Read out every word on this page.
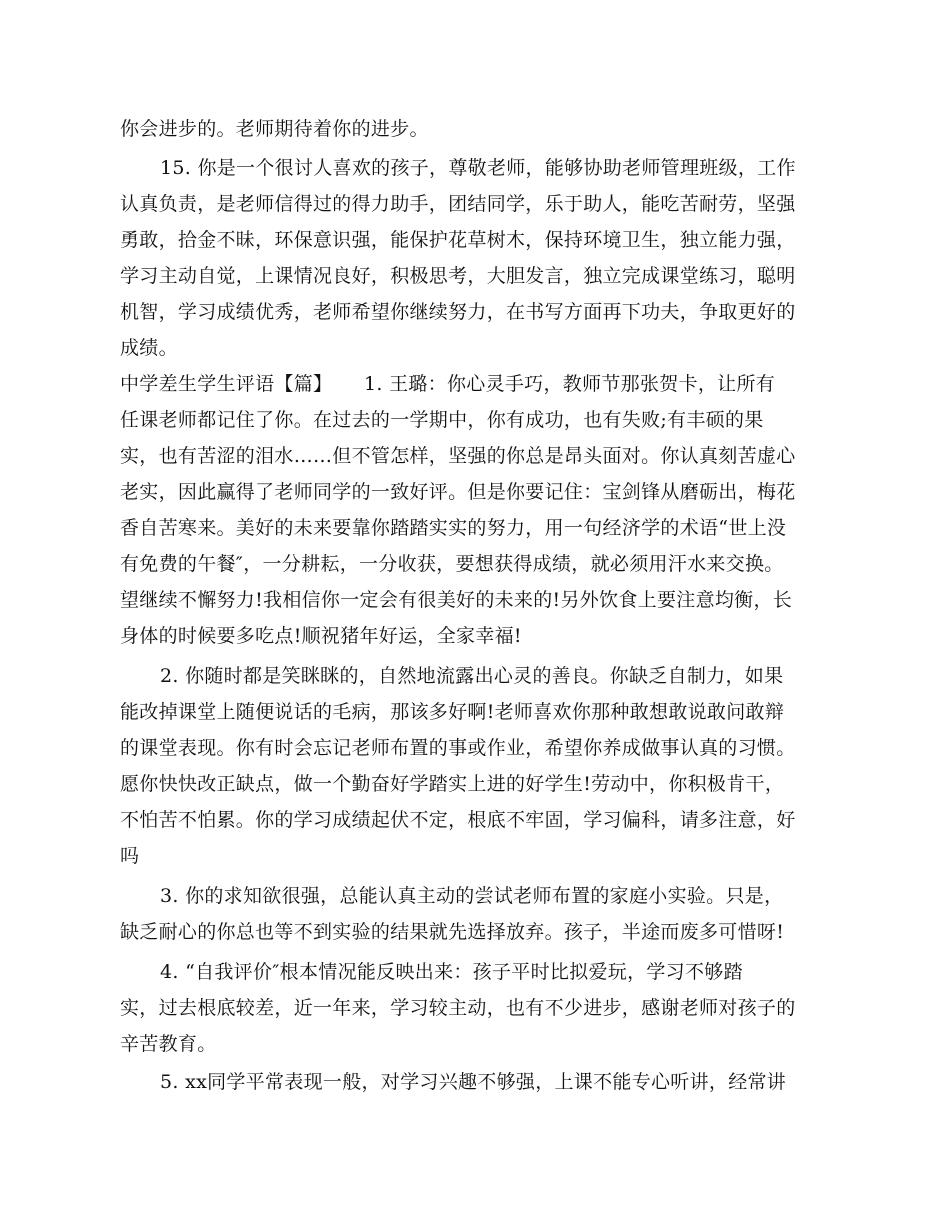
你会进步的。老师期待着你的进步。
15. 你是一个很讨人喜欢的孩子，尊敬老师，能够协助老师管理班级，工作
认真负责，是老师信得过的得力助手，团结同学，乐于助人，能吃苦耐劳，坚强
勇敢，拾金不昧，环保意识强，能保护花草树木，保持环境卫生，独立能力强，
学习主动自觉，上课情况良好，积极思考，大胆发言，独立完成课堂练习，聪明
机智，学习成绩优秀，老师希望你继续努力，在书写方面再下功夫，争取更好的
成绩。
中学差生学生评语【篇】     1. 王璐：你心灵手巧，教师节那张贺卡，让所有
任课老师都记住了你。在过去的一学期中，你有成功，也有失败;有丰硕的果
实，也有苦涩的泪水……但不管怎样，坚强的你总是昂头面对。你认真刻苦虚心
老实，因此赢得了老师同学的一致好评。但是你要记住：宝剑锋从磨砺出，梅花
香自苦寒来。美好的未来要靠你踏踏实实的努力，用一句经济学的术语“世上没
有免费的午餐″，一分耕耘，一分收获，要想获得成绩，就必须用汗水来交换。
望继续不懈努力!我相信你一定会有很美好的未来的!另外饮食上要注意均衡，长
身体的时候要多吃点!顺祝猪年好运，全家幸福!
2. 你随时都是笑眯眯的，自然地流露出心灵的善良。你缺乏自制力，如果
能改掉课堂上随便说话的毛病，那该多好啊!老师喜欢你那种敢想敢说敢问敢辩
的课堂表现。你有时会忘记老师布置的事或作业，希望你养成做事认真的习惯。
愿你快快改正缺点，做一个勤奋好学踏实上进的好学生!劳动中，你积极肯干，
不怕苦不怕累。你的学习成绩起伏不定，根底不牢固，学习偏科，请多注意，好
吗
3. 你的求知欲很强，总能认真主动的尝试老师布置的家庭小实验。只是，
缺乏耐心的你总也等不到实验的结果就先选择放弃。孩子，半途而废多可惜呀!
4. “自我评价″根本情况能反映出来：孩子平时比拟爱玩，学习不够踏
实，过去根底较差，近一年来，学习较主动，也有不少进步，感谢老师对孩子的
辛苦教育。
5. xx同学平常表现一般，对学习兴趣不够强，上课不能专心听讲，经常讲
